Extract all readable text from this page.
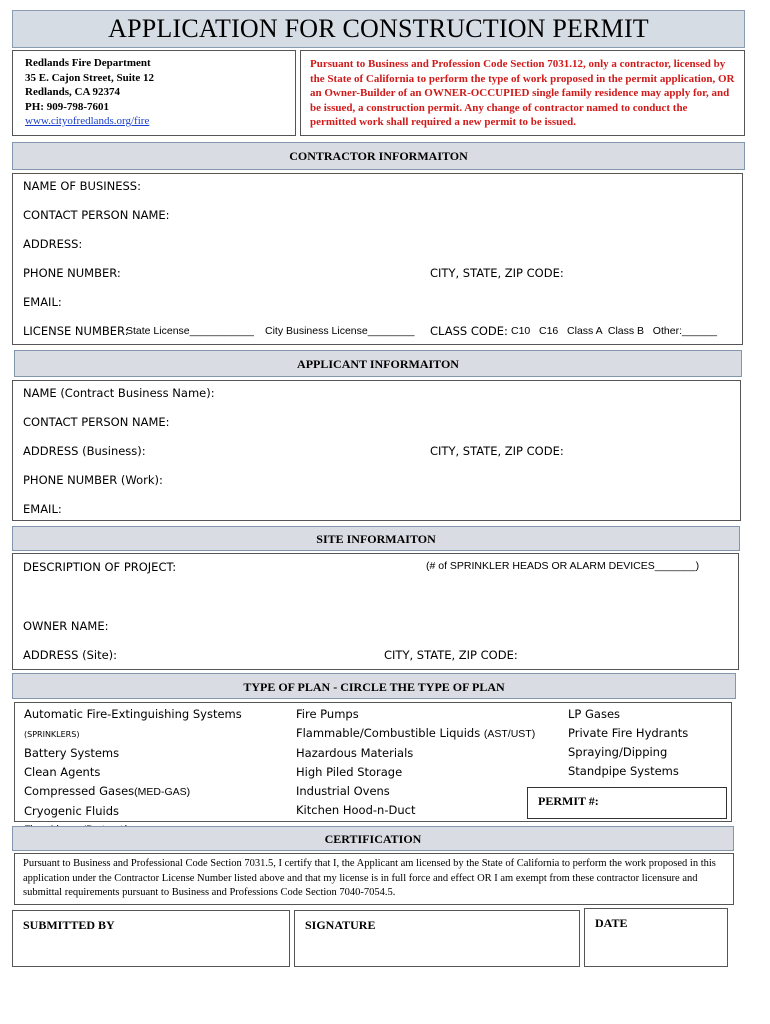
APPLICATION FOR CONSTRUCTION PERMIT
Redlands Fire Department
35 E. Cajon Street, Suite 12
Redlands, CA 92374
PH: 909-798-7601
www.cityofredlands.org/fire
Pursuant to Business and Profession Code Section 7031.12, only a contractor, licensed by the State of California to perform the type of work proposed in the permit application, OR an Owner-Builder of an OWNER-OCCUPIED single family residence may apply for, and be issued, a construction permit. Any change of contractor named to conduct the permitted work shall required a new permit to be issued.
CONTRACTOR INFORMAITON
NAME OF BUSINESS:
CONTACT PERSON NAME:
ADDRESS:
PHONE NUMBER:	CITY, STATE, ZIP CODE:
EMAIL:
LICENSE NUMBER:
State License___________ City Business License________ CLASS CODE: C10   C16   Class A  Class B   Other:______
APPLICANT INFORMAITON
NAME (Contract Business Name):
CONTACT PERSON NAME:
ADDRESS (Business):	CITY, STATE, ZIP CODE:
PHONE NUMBER (Work):
EMAIL:
SITE INFORMAITON
DESCRIPTION OF PROJECT:	(# of SPRINKLER HEADS OR ALARM DEVICES_______)
OWNER NAME:
ADDRESS (Site):	CITY, STATE, ZIP CODE:
TYPE OF PLAN - CIRCLE THE TYPE OF PLAN
Automatic Fire-Extinguishing Systems (SPRINKLERS)
Battery Systems
Clean Agents
Compressed Gases(MED-GAS)
Cryogenic Fluids
Fire Pumps
Flammable/Combustible Liquids (AST/UST)
Hazardous Materials
High Piled Storage
Industrial Ovens
Kitchen Hood-n-Duct
LP Gases
Private Fire Hydrants
Spraying/Dipping
Standpipe Systems
PERMIT #:
CERTIFICATION
Pursuant to Business and Professional Code Section 7031.5, I certify that I, the Applicant am licensed by the State of California to perform the work proposed in this application under the Contractor License Number listed above and that my license is in full force and effect OR I am exempt from these contractor licensure and submittal requirements pursuant to Business and Professions Code Section 7040-7054.5.
SUBMITTED BY	SIGNATURE	DATE
